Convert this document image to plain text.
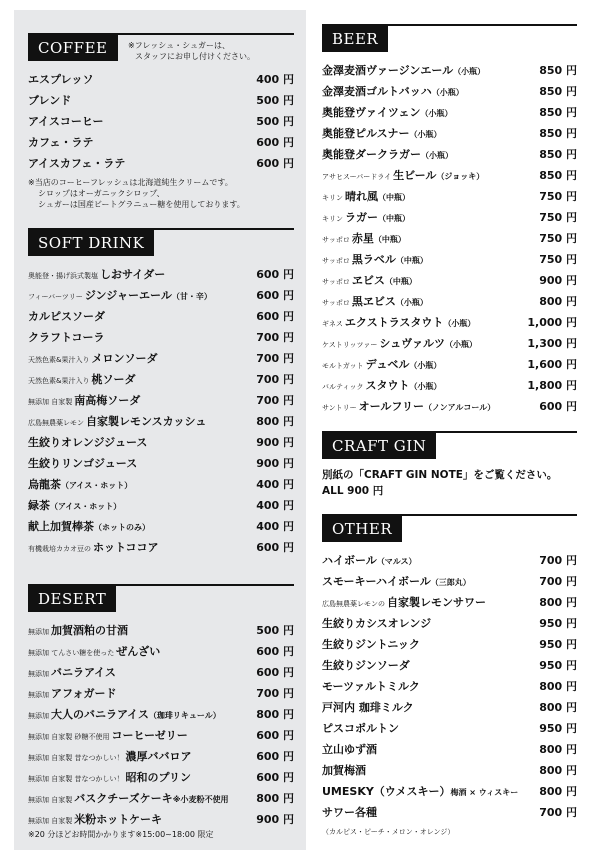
COFFEE	※フレッシュ・シュガーは、
スタッフにお申し付けください。
エスプレッソ	400 円
ブレンド	500 円
アイスコーヒー	500 円
カフェ・ラテ	600 円
アイスカフェ・ラテ	600 円
※当店のコーヒーフレッシュは北海道純生クリームです。
シロップはオーガニックシロップ、
シュガーは国産ビートグラニュー糖を使用しております。
SOFT DRINK
奥能登・揚げ浜式製塩 しおサイダー	600 円
フィーバーツリー ジンジャーエール（甘・辛）	600 円
カルピスソーダ	600 円
クラフトコーラ	700 円
天然色素&果汁入り メロンソーダ	700 円
天然色素&果汁入り 桃ソーダ	700 円
無添加 自家製 南高梅ソーダ	700 円
広島無農薬レモン 自家製レモンスカッシュ	800 円
生絞りオレンジジュース	900 円
生絞りリンゴジュース	900 円
烏龍茶（アイス・ホット）	400 円
緑茶（アイス・ホット）	400 円
献上加賀棒茶（ホットのみ）	400 円
有機栽培カカオ豆の ホットココア	600 円
DESERT
無添加 加賀酒粕の甘酒	500 円
無添加 てんさい糖を使った ぜんざい	600 円
無添加 バニラアイス	600 円
無添加 アフォガード	700 円
無添加 大人のバニラアイス（珈琲リキュール）	800 円
無添加 自家製 砂糖不使用 コーヒーゼリー	600 円
無添加 自家製 昔なつかしい！ 濃厚ババロア	600 円
無添加 自家製 昔なつかしい！ 昭和のプリン	600 円
無添加 自家製 バスクチーズケーキ※小麦粉不使用	800 円
無添加 自家製 米粉ホットケーキ	900 円
※20 分ほどお時間かかります※15:00~18:00 限定
BEER
金澤麦酒ヴァージンエール（小瓶）	850 円
金澤麦酒ゴルトバッハ（小瓶）	850 円
奥能登ヴァイツェン（小瓶）	850 円
奥能登ピルスナー（小瓶）	850 円
奥能登ダークラガー（小瓶）	850 円
アサヒスーパードライ 生ビール（ジョッキ）	850 円
キリン 晴れ風（中瓶）	750 円
キリン ラガー（中瓶）	750 円
サッポロ 赤星（中瓶）	750 円
サッポロ 黒ラベル（中瓶）	750 円
サッポロ ヱビス（中瓶）	900 円
サッポロ 黒ヱビス（小瓶）	800 円
ギネス エクストラスタウト（小瓶）	1,000 円
ケストリッツァー シュヴァルツ（小瓶）	1,300 円
モルトガット デュベル（小瓶）	1,600 円
バルティック スタウト（小瓶）	1,800 円
サントリー オールフリー（ノンアルコール）	600 円
CRAFT GIN
別紙の「CRAFT GIN NOTE」をご覧ください。
ALL 900 円
OTHER
ハイボール（マルス）	700 円
スモーキーハイボール（三郎丸）	700 円
広島無農薬レモンの 自家製レモンサワー	800 円
生絞りカシスオレンジ	950 円
生絞りジントニック	950 円
生絞りジンソーダ	950 円
モーツァルトミルク	800 円
戸河内 珈琲ミルク	800 円
ピスコポルトン	950 円
立山ゆず酒	800 円
加賀梅酒	800 円
UMESKY（ウメスキー）梅酒 × ウィスキー 800 円
サワー各種	700 円
（カルピス・ピーチ・メロン・オレンジ）
